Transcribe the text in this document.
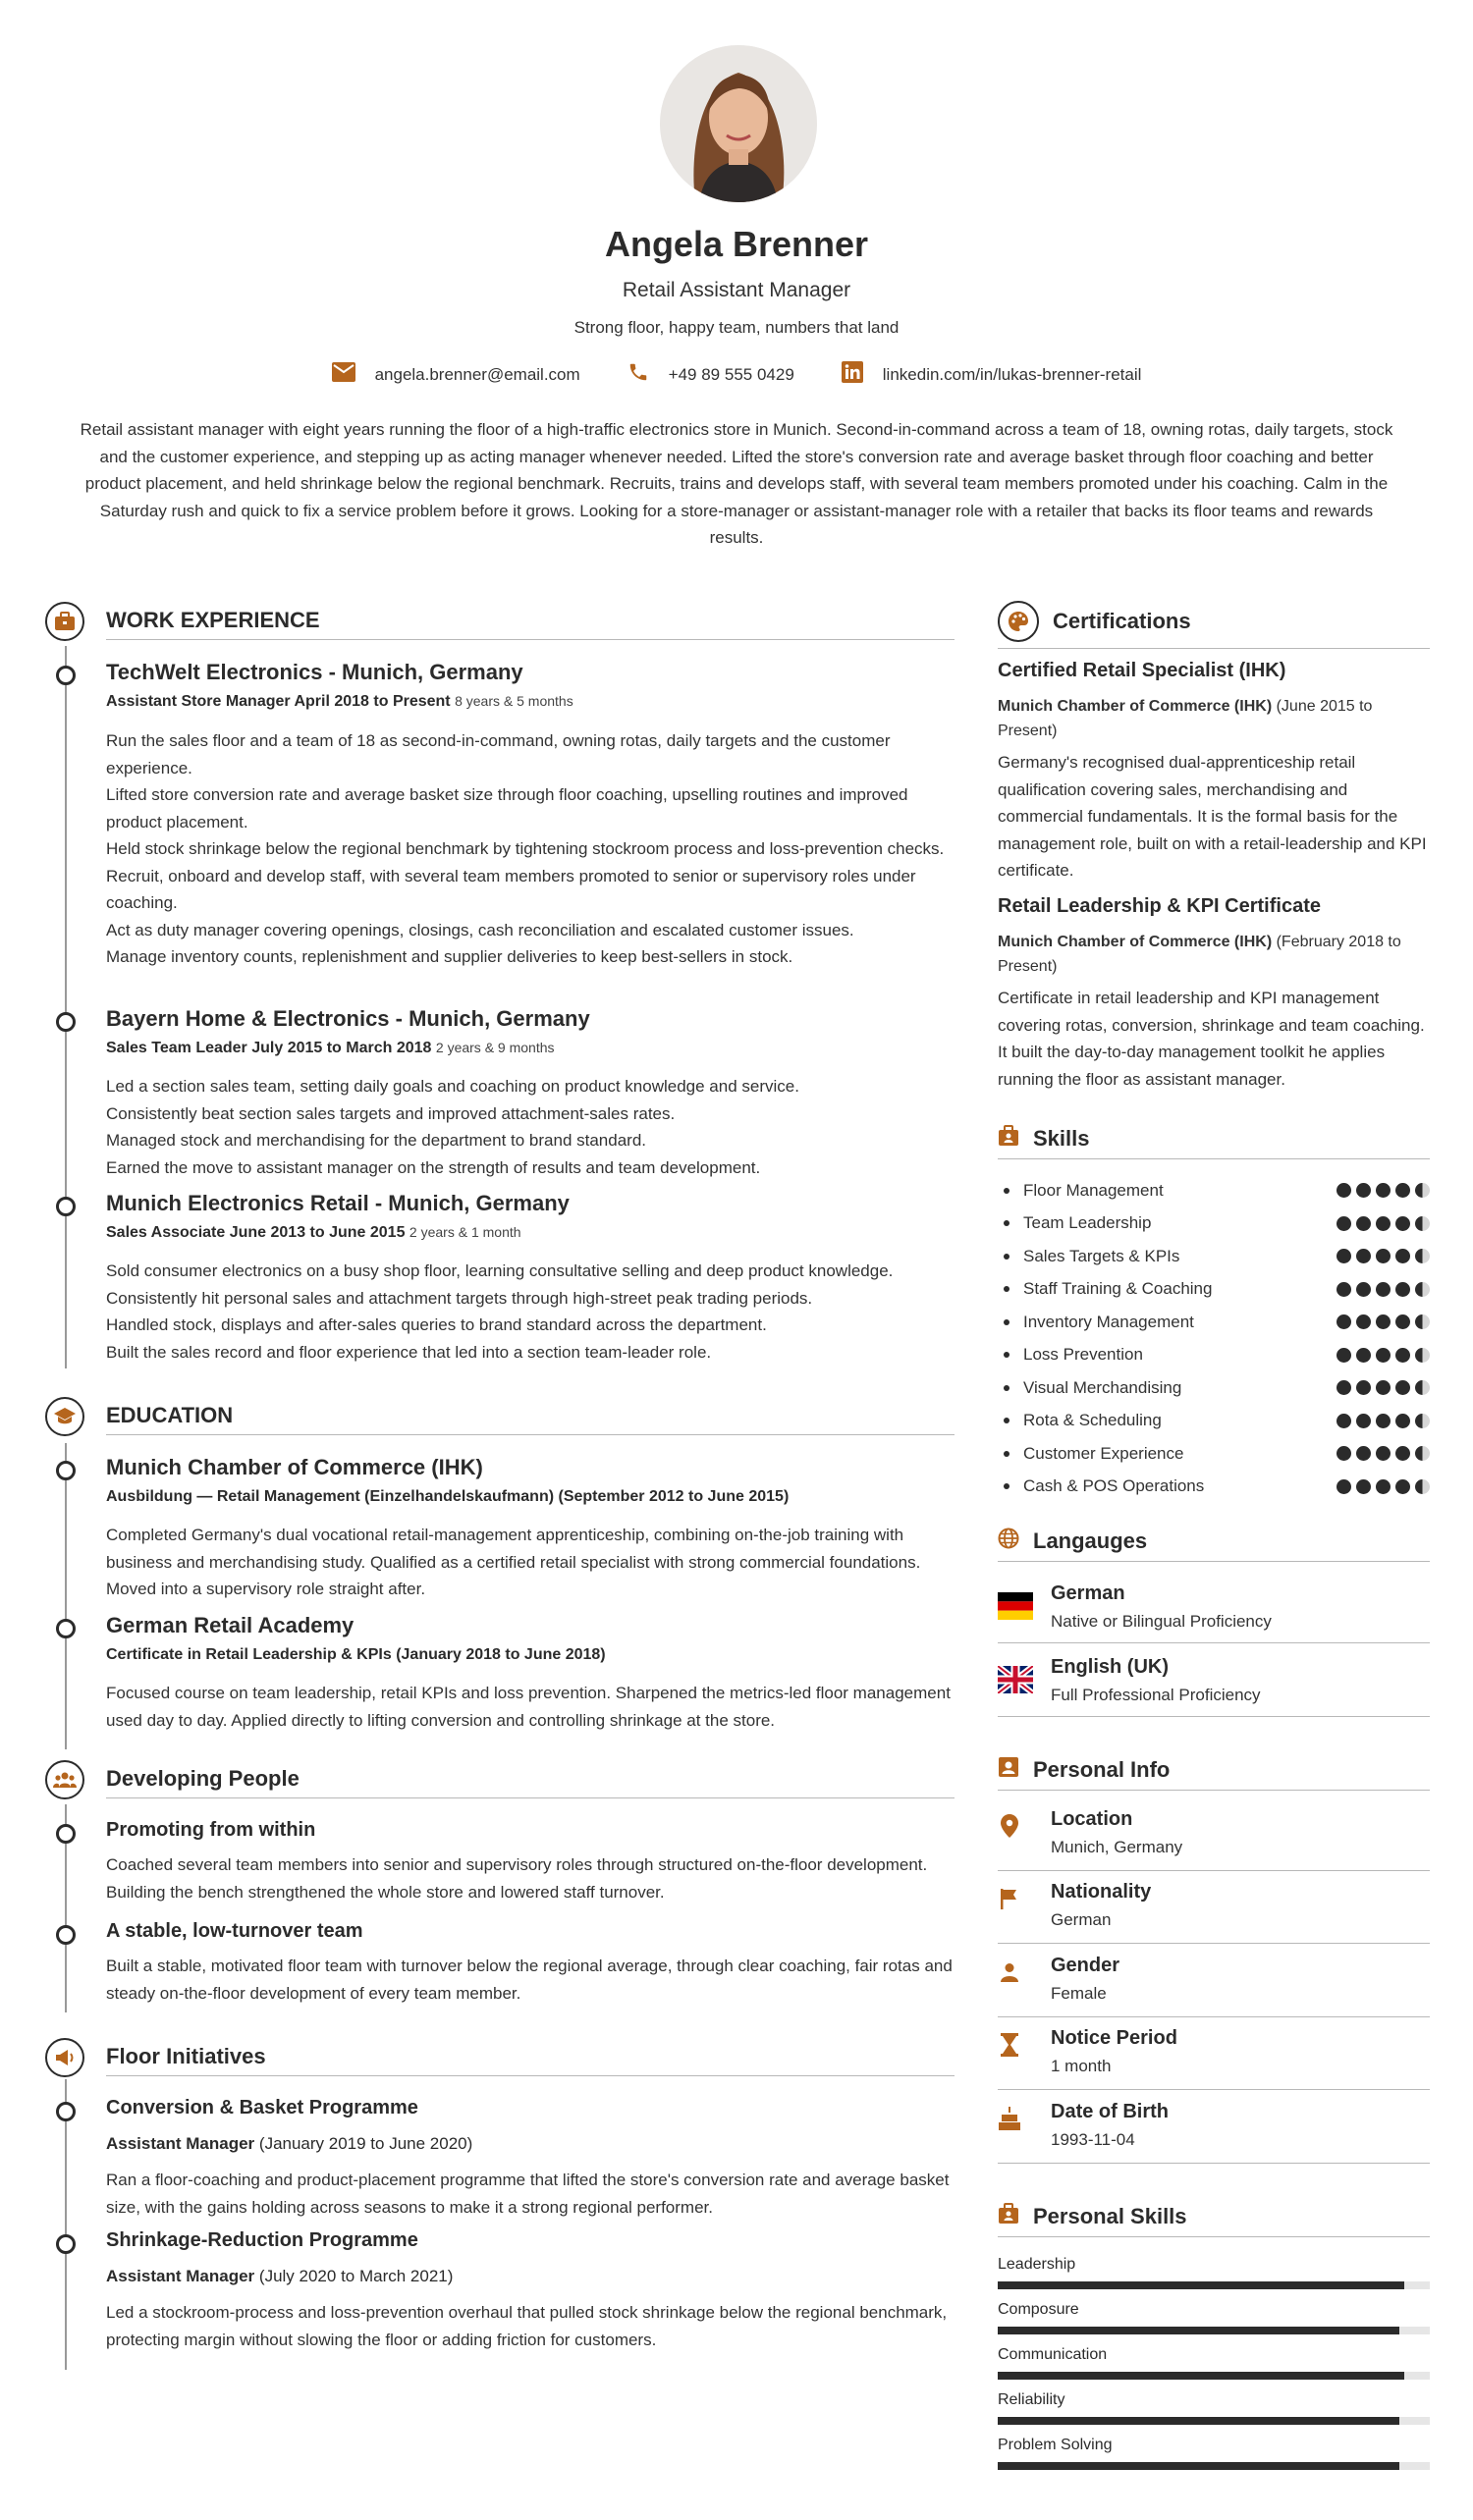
Angela Brenner
Retail Assistant Manager
Strong floor, happy team, numbers that land
angela.brenner@email.com	+49 89 555 0429	linkedin.com/in/lukas-brenner-retail
Retail assistant manager with eight years running the floor of a high-traffic electronics store in Munich. Second-in-command across a team of 18, owning rotas, daily targets, stock and the customer experience, and stepping up as acting manager whenever needed. Lifted the store's conversion rate and average basket through floor coaching and better product placement, and held shrinkage below the regional benchmark. Recruits, trains and develops staff, with several team members promoted under his coaching. Calm in the Saturday rush and quick to fix a service problem before it grows. Looking for a store-manager or assistant-manager role with a retailer that backs its floor teams and rewards results.
WORK EXPERIENCE
TechWelt Electronics - Munich, Germany
Assistant Store Manager April 2018 to Present 8 years & 5 months
Run the sales floor and a team of 18 as second-in-command, owning rotas, daily targets and the customer experience.
Lifted store conversion rate and average basket size through floor coaching, upselling routines and improved product placement.
Held stock shrinkage below the regional benchmark by tightening stockroom process and loss-prevention checks.
Recruit, onboard and develop staff, with several team members promoted to senior or supervisory roles under coaching.
Act as duty manager covering openings, closings, cash reconciliation and escalated customer issues.
Manage inventory counts, replenishment and supplier deliveries to keep best-sellers in stock.
Bayern Home & Electronics - Munich, Germany
Sales Team Leader July 2015 to March 2018 2 years & 9 months
Led a section sales team, setting daily goals and coaching on product knowledge and service.
Consistently beat section sales targets and improved attachment-sales rates.
Managed stock and merchandising for the department to brand standard.
Earned the move to assistant manager on the strength of results and team development.
Munich Electronics Retail - Munich, Germany
Sales Associate June 2013 to June 2015 2 years & 1 month
Sold consumer electronics on a busy shop floor, learning consultative selling and deep product knowledge.
Consistently hit personal sales and attachment targets through high-street peak trading periods.
Handled stock, displays and after-sales queries to brand standard across the department.
Built the sales record and floor experience that led into a section team-leader role.
EDUCATION
Munich Chamber of Commerce (IHK)
Ausbildung — Retail Management (Einzelhandelskaufmann) (September 2012 to June 2015)
Completed Germany's dual vocational retail-management apprenticeship, combining on-the-job training with business and merchandising study. Qualified as a certified retail specialist with strong commercial foundations. Moved into a supervisory role straight after.
German Retail Academy
Certificate in Retail Leadership & KPIs (January 2018 to June 2018)
Focused course on team leadership, retail KPIs and loss prevention. Sharpened the metrics-led floor management used day to day. Applied directly to lifting conversion and controlling shrinkage at the store.
Developing People
Promoting from within
Coached several team members into senior and supervisory roles through structured on-the-floor development. Building the bench strengthened the whole store and lowered staff turnover.
A stable, low-turnover team
Built a stable, motivated floor team with turnover below the regional average, through clear coaching, fair rotas and steady on-the-floor development of every team member.
Floor Initiatives
Conversion & Basket Programme
Assistant Manager (January 2019 to June 2020)
Ran a floor-coaching and product-placement programme that lifted the store's conversion rate and average basket size, with the gains holding across seasons to make it a strong regional performer.
Shrinkage-Reduction Programme
Assistant Manager (July 2020 to March 2021)
Led a stockroom-process and loss-prevention overhaul that pulled stock shrinkage below the regional benchmark, protecting margin without slowing the floor or adding friction for customers.
Certifications
Certified Retail Specialist (IHK)
Munich Chamber of Commerce (IHK) (June 2015 to Present)
Germany's recognised dual-apprenticeship retail qualification covering sales, merchandising and commercial fundamentals. It is the formal basis for the management role, built on with a retail-leadership and KPI certificate.
Retail Leadership & KPI Certificate
Munich Chamber of Commerce (IHK) (February 2018 to Present)
Certificate in retail leadership and KPI management covering rotas, conversion, shrinkage and team coaching. It built the day-to-day management toolkit he applies running the floor as assistant manager.
Skills
Floor Management
Team Leadership
Sales Targets & KPIs
Staff Training & Coaching
Inventory Management
Loss Prevention
Visual Merchandising
Rota & Scheduling
Customer Experience
Cash & POS Operations
Langauges
German
Native or Bilingual Proficiency
English (UK)
Full Professional Proficiency
Personal Info
Location
Munich, Germany
Nationality
German
Gender
Female
Notice Period
1 month
Date of Birth
1993-11-04
Personal Skills
Leadership
Composure
Communication
Reliability
Problem Solving
